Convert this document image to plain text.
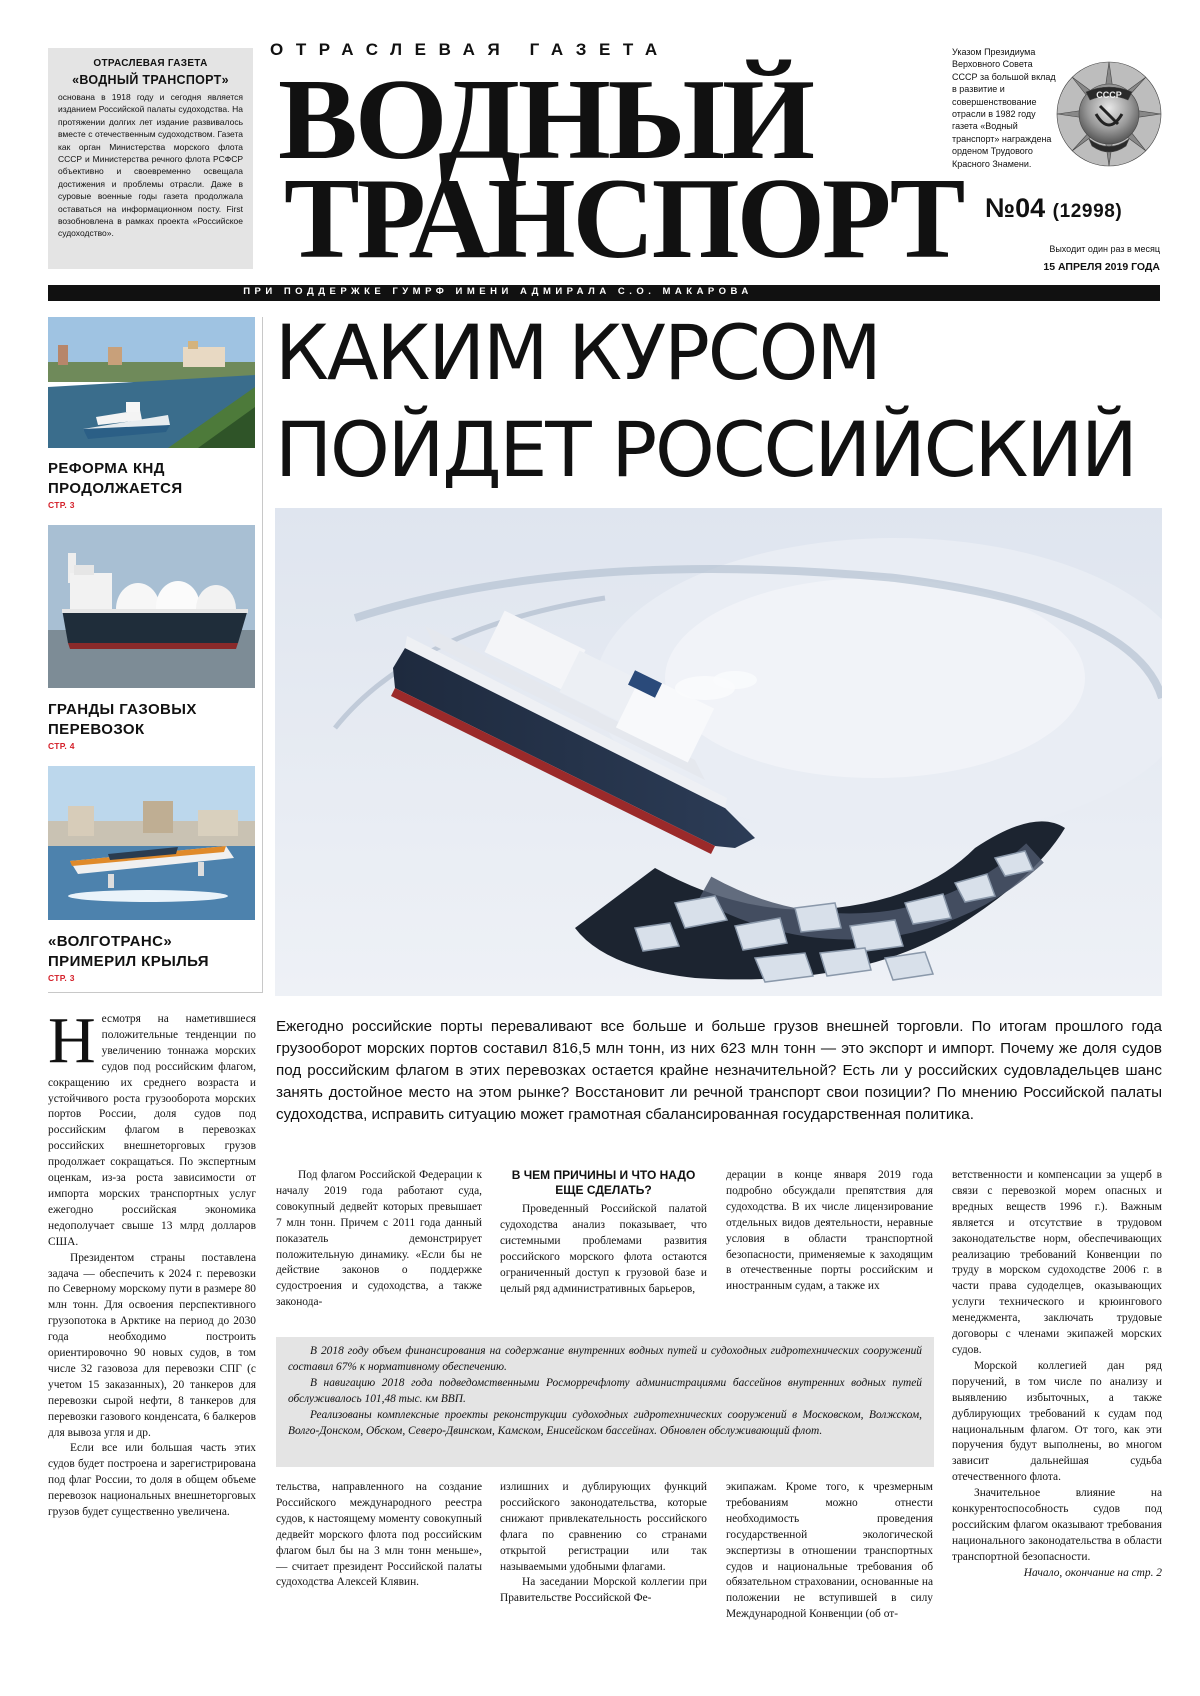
ОТРАСЛЕВАЯ ГАЗЕТА
«ВОДНЫЙ ТРАНСПОРТ»
основана в 1918 году и сегодня является изданием Российской палаты судоходства. На протяжении долгих лет издание развивалось вместе с отечественным судоходством. Газета как орган Министерства морского флота СССР и Министерства речного флота РСФСР объективно и своевременно освещала достижения и проблемы отрасли. Даже в суровые военные годы газета продолжала оставаться на информационном посту. First возобновлена в рамках проекта «Российское судоходство».
ОТРАСЛЕВАЯ ГАЗЕТА
ВОДНЫЙ
ТРАНСПОРТ
Указом Президиума Верховного Совета СССР за большой вклад в развитие и совершенствование отрасли в 1982 году газета «Водный транспорт» награждена орденом Трудового Красного Знамени.
СССР
№04 (12998)
Выходит один раз в месяц
15 АПРЕЛЯ 2019 ГОДА
ПРИ ПОДДЕРЖКЕ ГУМРФ ИМЕНИ АДМИРАЛА С.О. МАКАРОВА
РЕФОРМА КНД ПРОДОЛЖАЕТСЯ
СТР. 3
ГРАНДЫ ГАЗОВЫХ ПЕРЕВОЗОК
СТР. 4
«ВОЛГОТРАНС» ПРИМЕРИЛ КРЫЛЬЯ
СТР. 3
КАКИМ КУРСОМ ПОЙДЕТ РОССИЙСКИЙ
Ежегодно российские порты переваливают все больше и больше грузов внешней торговли. По итогам прошлого года грузооборот морских портов составил 816,5 млн тонн, из них 623 млн тонн — это экспорт и импорт. Почему же доля судов под российским флагом в этих перевозках остается крайне незначительной? Есть ли у российских судовладельцев шанс занять достойное место на этом рынке? Восстановит ли речной транспорт свои позиции? По мнению Российской палаты судоходства, исправить ситуацию может грамотная сбалансированная государственная политика.

Несмотря на наметившиеся положительные тенденции по увеличению тоннажа морских судов под российским флагом, сокращению их среднего возраста и устойчивого роста грузооборота морских портов России, доля судов под российским флагом в перевозках российских внешнеторговых грузов продолжает сокращаться. По экспертным оценкам, из-за роста зависимости от импорта морских транспортных услуг ежегодно российская экономика недополучает свыше 13 млрд долларов США.

Президентом страны поставлена задача — обеспечить к 2024 г. перевозки по Северному морскому пути в размере 80 млн тонн. Для освоения перспективного грузопотока в Арктике на период до 2030 года необходимо построить ориентировочно 90 новых судов, в том числе 32 газовоза для перевозки СПГ (с учетом 15 заказанных), 20 танкеров для перевозки сырой нефти, 8 танкеров для перевозки газового конденсата, 6 балкеров для вывоза угля и др.

Если все или большая часть этих судов будет построена и зарегистрирована под флаг России, то доля в общем объеме перевозок национальных внешнеторговых грузов будет существенно увеличена.

Под флагом Российской Федерации к началу 2019 года работают суда, совокупный дедвейт которых превышает 7 млн тонн. Причем с 2011 года данный показатель демонстрирует положительную динамику. «Если бы не действие законов о поддержке судостроения и судоходства, а также законода-

В ЧЕМ ПРИЧИНЫ И ЧТО НАДО ЕЩЕ СДЕЛАТЬ?

Проведенный Российской палатой судоходства анализ показывает, что системными проблемами развития российского морского флота остаются ограниченный доступ к грузовой базе и целый ряд административных барьеров,

дерации в конце января 2019 года подробно обсуждали препятствия для судоходства. В их числе лицензирование отдельных видов деятельности, неравные условия в области транспортной безопасности, применяемые к заходящим в отечественные порты российским и иностранным судам, а также их

ветственности и компенсации за ущерб в связи с перевозкой морем опасных и вредных веществ 1996 г.). Важным является и отсутствие в трудовом законодательстве норм, обеспечивающих реализацию требований Конвенции по труду в морском судоходстве 2006 г. в части права судоделцев, оказывающих услуги технического и крюингового менеджмента, заключать трудовые договоры с членами экипажей морских судов.

Морской коллегией дан ряд поручений, в том числе по анализу и выявлению избыточных, а также дублирующих требований к судам под национальным флагом. От того, как эти поручения будут выполнены, во многом зависит дальнейшая судьба отечественного флота.

Значительное влияние на конкурентоспособность судов под российским флагом оказывают требования национального законодательства в области транспортной безопасности.

Начало, окончание на стр. 2

В 2018 году объем финансирования на содержание внутренних водных путей и судоходных гидротехнических сооружений составил 67% к нормативному обеспечению.

В навигацию 2018 года подведомственными Росморречфлоту администрациями бассейнов внутренних водных путей обслуживалось 101,48 тыс. км ВВП.

Реализованы комплексные проекты реконструкции судоходных гидротехнических сооружений в Московском, Волжском, Волго-Донском, Обском, Северо-Двинском, Камском, Енисейском бассейнах. Обновлен обслуживающий флот.

тельства, направленного на создание Российского международного реестра судов, к настоящему моменту совокупный дедвейт морского флота под российским флагом был бы на 3 млн тонн меньше», — считает президент Российской палаты судоходства Алексей Клявин.

излишних и дублирующих функций российского законодательства, которые снижают привлекательность российского флага по сравнению со странами открытой регистрации или так называемыми удобными флагами.

На заседании Морской коллегии при Правительстве Российской Фе-

экипажам. Кроме того, к чрезмерным требованиям можно отнести необходимость проведения государственной экологической экспертизы в отношении транспортных судов и национальные требования об обязательном страховании, основанные на положении не вступившей в силу Международной Конвенции (об от-
